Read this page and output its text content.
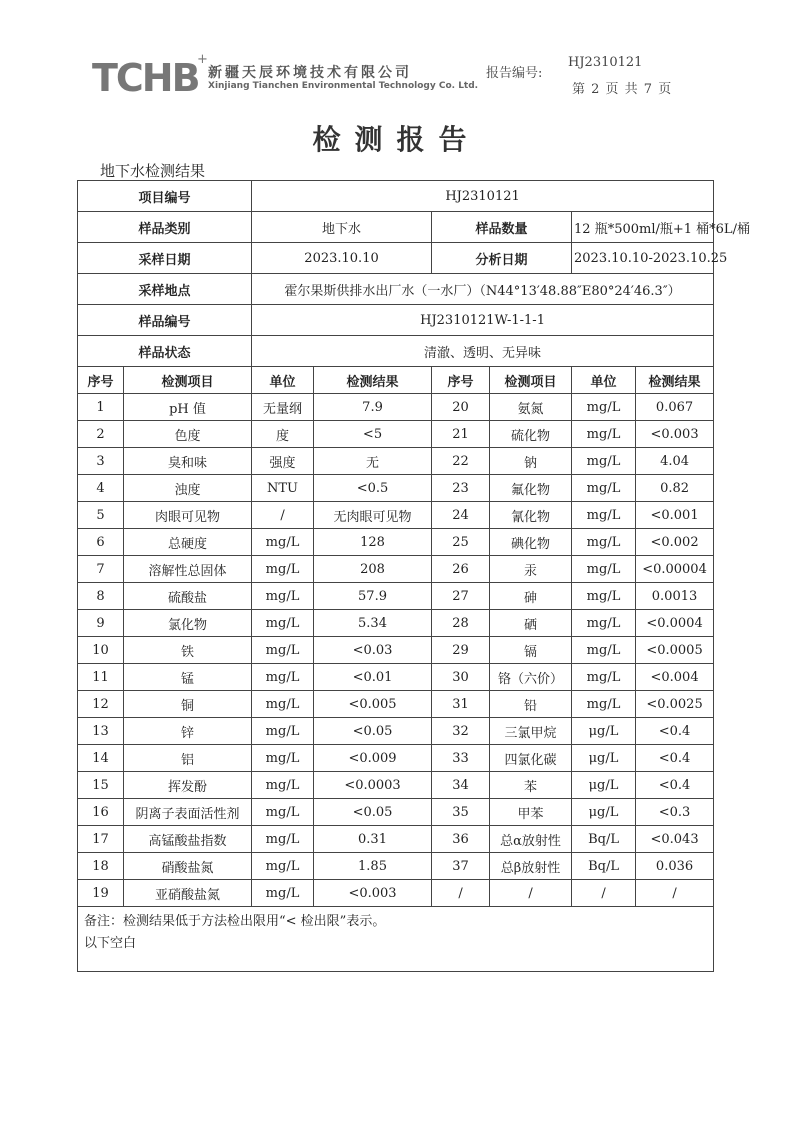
TCHB
+
新疆天辰环境技术有限公司
Xinjiang Tianchen Environmental Technology Co. Ltd.
报告编号:
HJ2310121
第 2 页 共 7 页
检测报告
地下水检测结果
项目编号		HJ2310121					
样品类别		地下水		样品数量		12 瓶*500ml/瓶+1 桶*6L/桶	
采样日期		2023.10.10		分析日期		2023.10.10-2023.10.25	
采样地点		霍尔果斯供排水出厂水（一水厂）（N44°13′48.88″E80°24′46.3″）					
样品编号		HJ2310121W-1-1-1					
样品状态		清澈、透明、无异味					
序号	检测项目	单位	检测结果	序号	检测项目	单位	检测结果
1	pH 值	无量纲	7.9	20	氨氮	mg/L	0.067
2	色度	度	<5	21	硫化物	mg/L	<0.003
3	臭和味	强度	无	22	钠	mg/L	4.04
4	浊度	NTU	<0.5	23	氟化物	mg/L	0.82
5	肉眼可见物	/	无肉眼可见物	24	氰化物	mg/L	<0.001
6	总硬度	mg/L	128	25	碘化物	mg/L	<0.002
7	溶解性总固体	mg/L	208	26	汞	mg/L	<0.00004
8	硫酸盐	mg/L	57.9	27	砷	mg/L	0.0013
9	氯化物	mg/L	5.34	28	硒	mg/L	<0.0004
10	铁	mg/L	<0.03	29	镉	mg/L	<0.0005
11	锰	mg/L	<0.01	30	铬（六价）	mg/L	<0.004
12	铜	mg/L	<0.005	31	铅	mg/L	<0.0025
13	锌	mg/L	<0.05	32	三氯甲烷	μg/L	<0.4
14	铝	mg/L	<0.009	33	四氯化碳	μg/L	<0.4
15	挥发酚	mg/L	<0.0003	34	苯	μg/L	<0.4
16	阴离子表面活性剂	mg/L	<0.05	35	甲苯	μg/L	<0.3
17	高锰酸盐指数	mg/L	0.31	36	总α放射性	Bq/L	<0.043
18	硝酸盐氮	mg/L	1.85	37	总β放射性	Bq/L	0.036
19	亚硝酸盐氮	mg/L	<0.003	/	/	/	/

备注：检测结果低于方法检出限用“< 检出限”表示。
以下空白							
